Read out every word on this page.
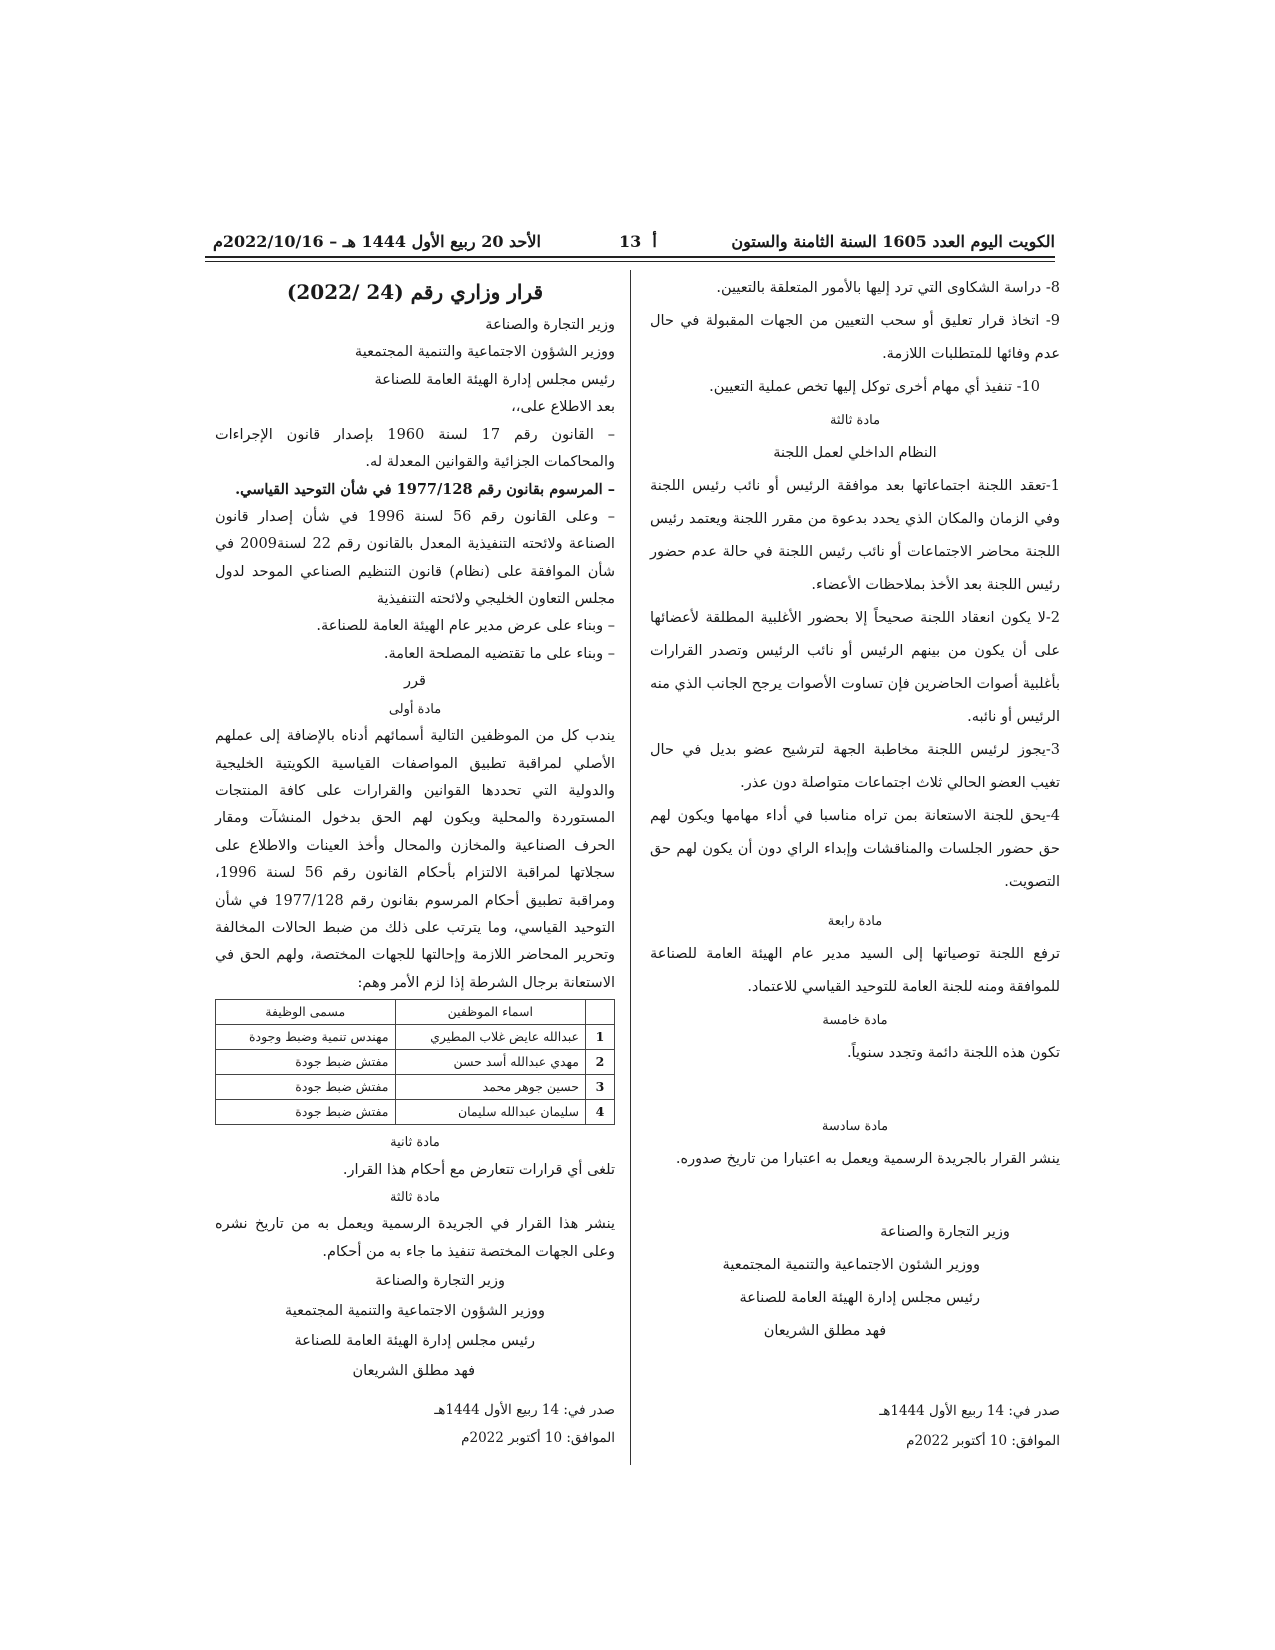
الكويت اليوم العدد 1605 السنة الثامنة والستون
أ  13
الأحد 20 ربيع الأول 1444 هـ – 2022/10/16م

8- دراسة الشكاوى التي ترد إليها بالأمور المتعلقة بالتعيين.

9- اتخاذ قرار تعليق أو سحب التعيين من الجهات المقبولة في حال عدم وفائها للمتطلبات اللازمة.

10- تنفيذ أي مهام أخرى توكل إليها تخص عملية التعيين.

مادة ثالثة

النظام الداخلي لعمل اللجنة

1-تعقد اللجنة اجتماعاتها بعد موافقة الرئيس أو نائب رئيس اللجنة وفي الزمان والمكان الذي يحدد بدعوة من مقرر اللجنة ويعتمد رئيس اللجنة محاضر الاجتماعات أو نائب رئيس اللجنة في حالة عدم حضور رئيس اللجنة بعد الأخذ بملاحظات الأعضاء.

2-لا يكون انعقاد اللجنة صحيحاً إلا بحضور الأغلبية المطلقة لأعضائها على أن يكون من بينهم الرئيس أو نائب الرئيس وتصدر القرارات بأغلبية أصوات الحاضرين فإن تساوت الأصوات يرجح الجانب الذي منه الرئيس أو نائبه.

3-يجوز لرئيس اللجنة مخاطبة الجهة لترشيح عضو بديل في حال تغيب العضو الحالي ثلاث اجتماعات متواصلة دون عذر.

4-يحق للجنة الاستعانة بمن تراه مناسبا في أداء مهامها ويكون لهم حق حضور الجلسات والمناقشات وإبداء الراي دون أن يكون لهم حق التصويت.

مادة رابعة

ترفع اللجنة توصياتها إلى السيد مدير عام الهيئة العامة للصناعة للموافقة ومنه للجنة العامة للتوحيد القياسي للاعتماد.

مادة خامسة

تكون هذه اللجنة دائمة وتجدد سنوياً.

مادة سادسة

ينشر القرار بالجريدة الرسمية ويعمل به اعتبارا من تاريخ صدوره.

وزير التجارة والصناعة

ووزير الشئون الاجتماعية والتنمية المجتمعية

رئيس مجلس إدارة الهيئة العامة للصناعة

فهد مطلق الشريعان

صدر في: 14 ربيع الأول 1444هـ

الموافق: 10 أكتوبر 2022م

قرار وزاري رقم (24 /2022)

وزير التجارة والصناعة

ووزير الشؤون الاجتماعية والتنمية المجتمعية

رئيس مجلس إدارة الهيئة العامة للصناعة

بعد الاطلاع على،،

– القانون رقم 17 لسنة 1960 بإصدار قانون الإجراءات والمحاكمات الجزائية والقوانين المعدلة له.

– المرسوم بقانون رقم 1977/128 في شأن التوحيد القياسي.

– وعلى القانون رقم 56 لسنة 1996 في شأن إصدار قانون الصناعة ولائحته التنفيذية المعدل بالقانون رقم 22 لسنة2009 في شأن الموافقة على (نظام) قانون التنظيم الصناعي الموحد لدول مجلس التعاون الخليجي ولائحته التنفيذية

– وبناء على عرض مدير عام الهيئة العامة للصناعة.

– وبناء على ما تقتضيه المصلحة العامة.

قرر

مادة أولى

يندب كل من الموظفين التالية أسمائهم أدناه بالإضافة إلى عملهم الأصلي لمراقبة تطبيق المواصفات القياسية الكويتية الخليجية والدولية التي تحددها القوانين والقرارات على كافة المنتجات المستوردة والمحلية ويكون لهم الحق بدخول المنشآت ومقار الحرف الصناعية والمخازن والمحال وأخذ العينات والاطلاع على سجلاتها لمراقبة الالتزام بأحكام القانون رقم 56 لسنة 1996، ومراقبة تطبيق أحكام المرسوم بقانون رقم 1977/128 في شأن التوحيد القياسي، وما يترتب على ذلك من ضبط الحالات المخالفة وتحرير المحاضر اللازمة وإحالتها للجهات المختصة، ولهم الحق في الاستعانة برجال الشرطة إذا لزم الأمر وهم:

	اسماء الموظفين	مسمى الوظيفة
1	عبدالله عايض غلاب المطيري	مهندس تنمية وضبط وجودة
2	مهدي عبدالله أسد حسن	مفتش ضبط جودة
3	حسين جوهر محمد	مفتش ضبط جودة
4	سليمان عبدالله سليمان	مفتش ضبط جودة

مادة ثانية

تلغى أي قرارات تتعارض مع أحكام هذا القرار.

مادة ثالثة

ينشر هذا القرار في الجريدة الرسمية ويعمل به من تاريخ نشره وعلى الجهات المختصة تنفيذ ما جاء به من أحكام.

وزير التجارة والصناعة

ووزير الشؤون الاجتماعية والتنمية المجتمعية

رئيس مجلس إدارة الهيئة العامة للصناعة

فهد مطلق الشريعان

صدر في: 14 ربيع الأول 1444هـ

الموافق: 10 أكتوبر 2022م
